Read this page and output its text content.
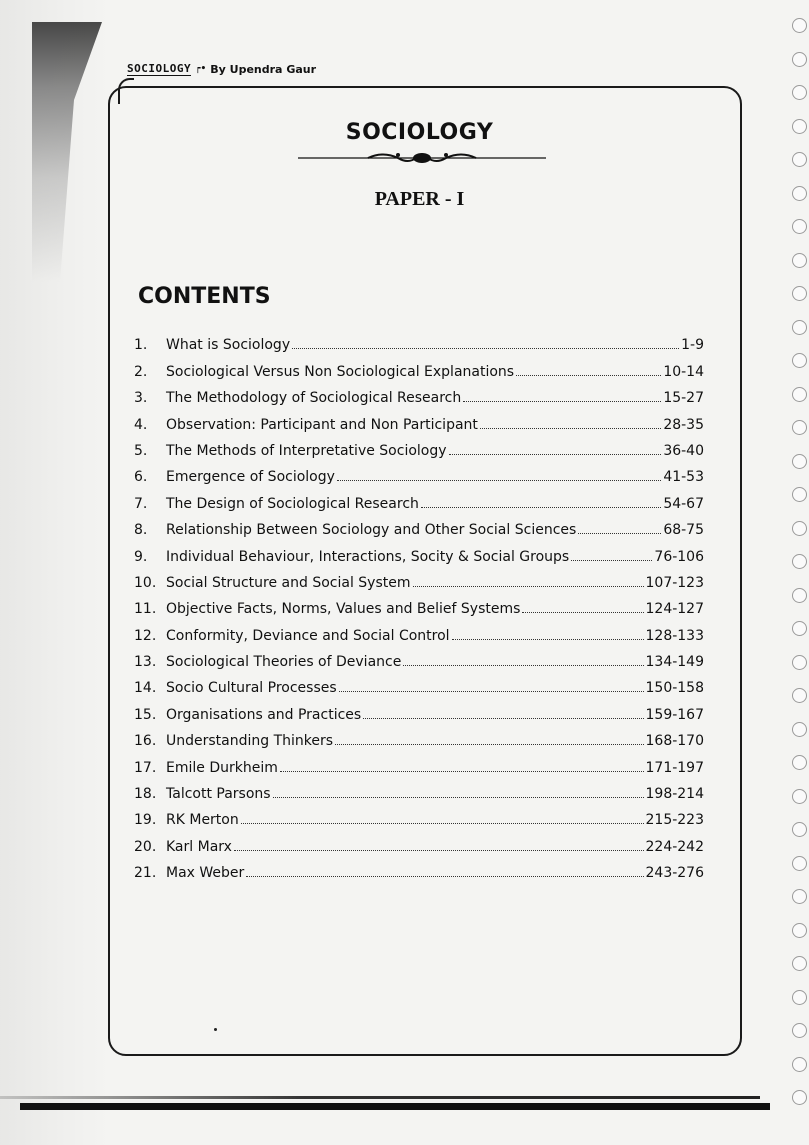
SOCIOLOGY ┍• By Upendra Gaur
SOCIOLOGY
PAPER - I
CONTENTS
1.	What is Sociology	1-9
2.	Sociological Versus Non Sociological Explanations	10-14
3.	The Methodology of Sociological Research	15-27
4.	Observation: Participant and Non Participant	28-35
5.	The Methods of Interpretative Sociology	36-40
6.	Emergence of Sociology	41-53
7.	The Design of Sociological Research	54-67
8.	Relationship Between Sociology and Other Social Sciences	68-75
9.	Individual Behaviour, Interactions, Socity & Social Groups	76-106
10. Social Structure and Social System	107-123
11. Objective Facts, Norms, Values and Belief Systems	124-127
12. Conformity, Deviance and Social Control	128-133
13. Sociological Theories of Deviance	134-149
14. Socio Cultural Processes	150-158
15. Organisations and Practices	159-167
16. Understanding Thinkers	168-170
17. Emile Durkheim	171-197
18. Talcott Parsons	198-214
19. RK Merton	215-223
20. Karl Marx	224-242
21. Max Weber	243-276
